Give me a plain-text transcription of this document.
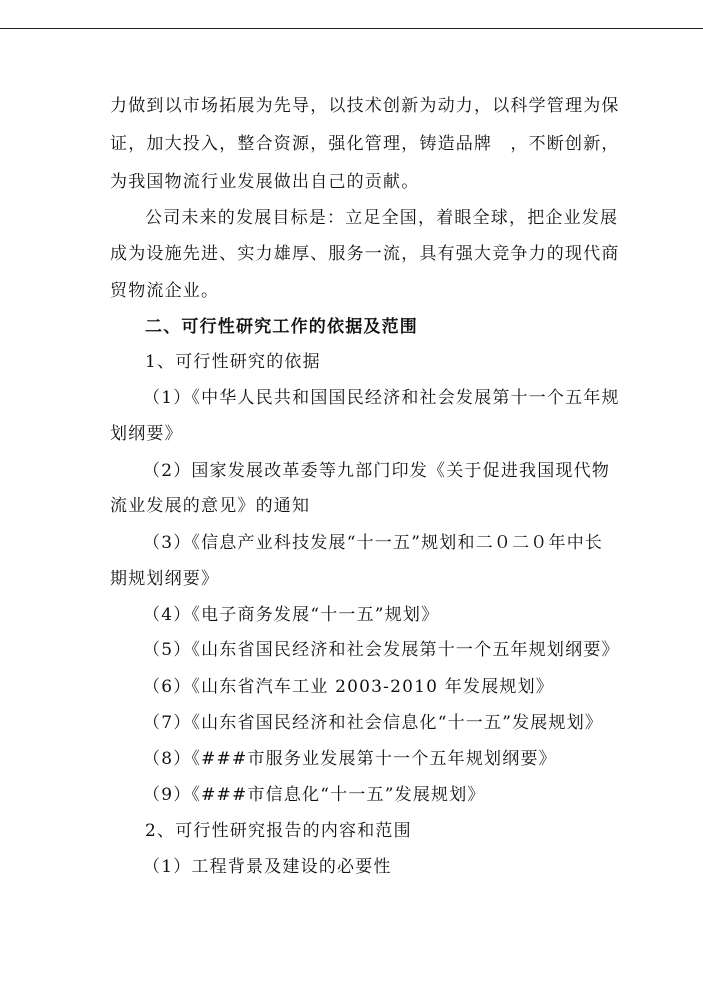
力做到以市场拓展为先导，以技术创新为动力，以科学管理为保
证，加大投入，整合资源，强化管理，铸造品牌　，不断创新，
为我国物流行业发展做出自己的贡献。
公司未来的发展目标是：立足全国，着眼全球，把企业发展
成为设施先进、实力雄厚、服务一流，具有强大竞争力的现代商
贸物流企业。
二、可行性研究工作的依据及范围
1、可行性研究的依据
（1）《中华人民共和国国民经济和社会发展第十一个五年规
划纲要》
（2）国家发展改革委等九部门印发《关于促进我国现代物
流业发展的意见》的通知
（3）《信息产业科技发展“十一五”规划和二０二０年中长
期规划纲要》
（4）《电子商务发展“十一五”规划》
（5）《山东省国民经济和社会发展第十一个五年规划纲要》
（6）《山东省汽车工业 2003-2010 年发展规划》
（7）《山东省国民经济和社会信息化“十一五”发展规划》
（8）《###市服务业发展第十一个五年规划纲要》
（9）《###市信息化“十一五”发展规划》
2、可行性研究报告的内容和范围
（1）工程背景及建设的必要性
